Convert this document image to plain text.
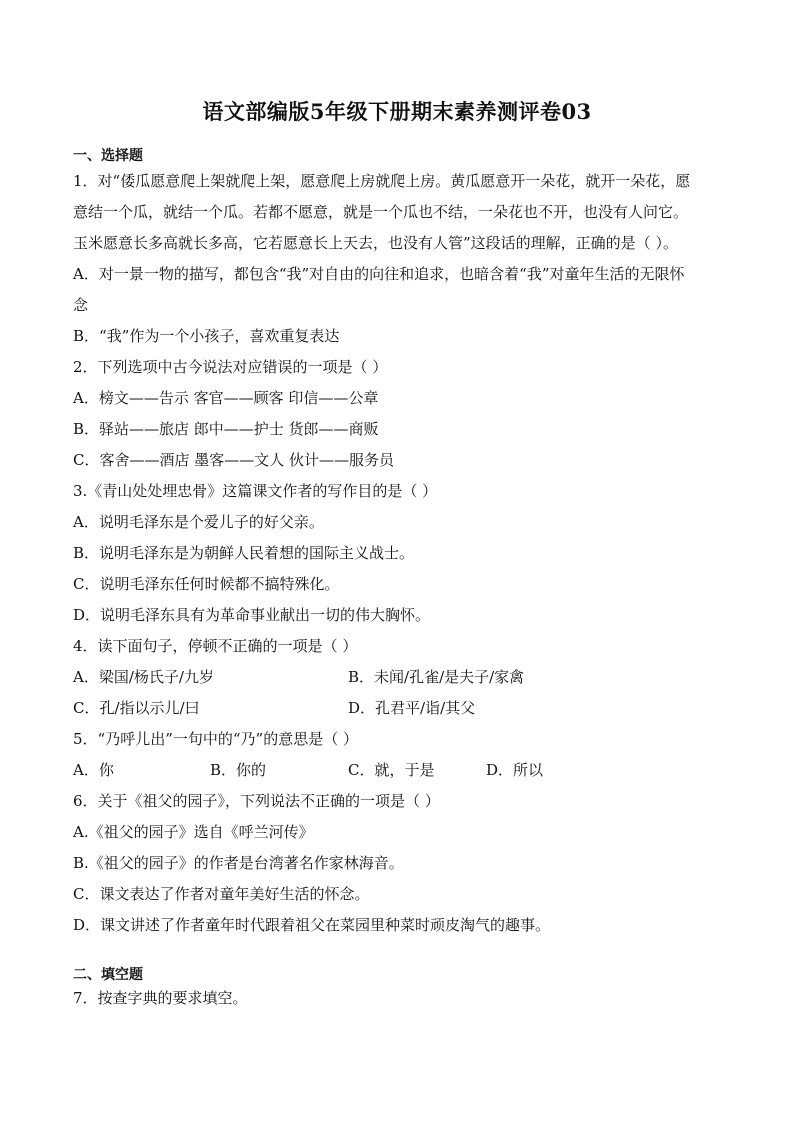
语文部编版5年级下册期末素养测评卷03
一、选择题
1．对“倭瓜愿意爬上架就爬上架，愿意爬上房就爬上房。黄瓜愿意开一朵花，就开一朵花，愿
意结一个瓜，就结一个瓜。若都不愿意，就是一个瓜也不结，一朵花也不开，也没有人问它。
玉米愿意长多高就长多高，它若愿意长上天去，也没有人管”这段话的理解，正确的是（ ）。
A．对一景一物的描写，都包含“我”对自由的向往和追求，也暗含着“我”对童年生活的无限怀
念
B．“我”作为一个小孩子，喜欢重复表达
2．下列选项中古今说法对应错误的一项是（ ）
A．榜文——告示 客官——顾客 印信——公章
B．驿站——旅店 郎中——护士 货郎——商贩
C．客舍——酒店 墨客——文人 伙计——服务员
3.《青山处处埋忠骨》这篇课文作者的写作目的是（ ）
A．说明毛泽东是个爱儿子的好父亲。
B．说明毛泽东是为朝鲜人民着想的国际主义战士。
C．说明毛泽东任何时候都不搞特殊化。
D．说明毛泽东具有为革命事业献出一切的伟大胸怀。
4．读下面句子，停顿不正确的一项是（ ）
A．梁国/杨氏子/九岁	B．未闻/孔雀/是夫子/家禽
C．孔/指以示儿/曰	D．孔君平/诣/其父
5．“乃呼儿出”一句中的“乃”的意思是（ ）
A．你	B．你的	C．就，于是	D．所以
6．关于《祖父的园子》，下列说法不正确的一项是（ ）
A.《祖父的园子》选自《呼兰河传》
B.《祖父的园子》的作者是台湾著名作家林海音。
C．课文表达了作者对童年美好生活的怀念。
D．课文讲述了作者童年时代跟着祖父在菜园里种菜时顽皮淘气的趣事。
二、填空题
7．按查字典的要求填空。
